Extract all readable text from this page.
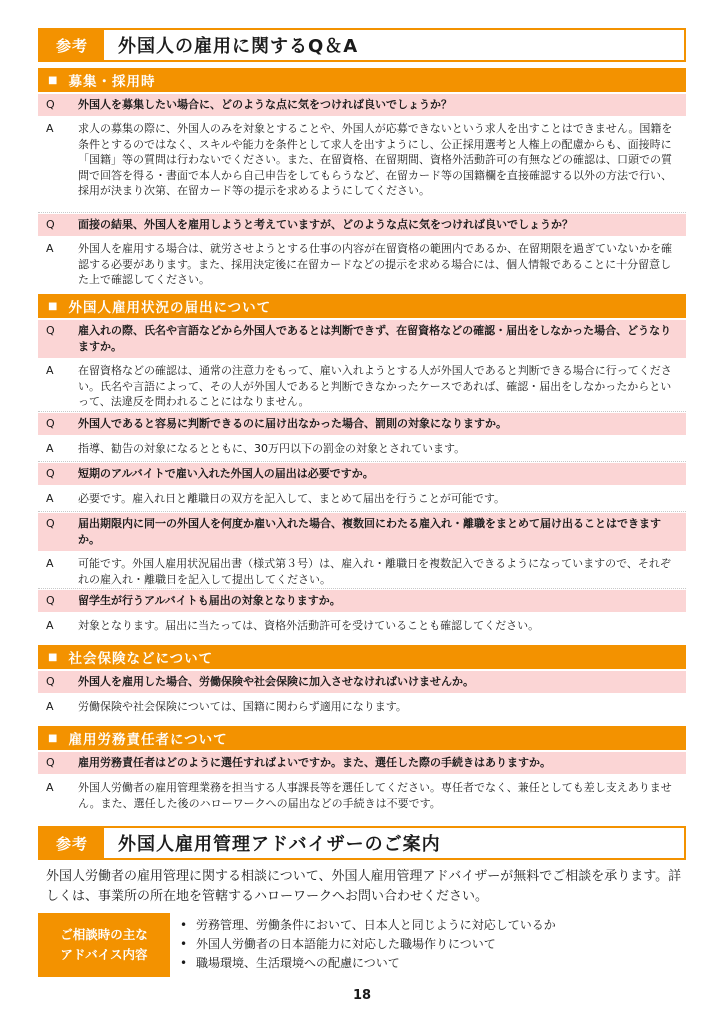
参考	外国人の雇用に関するQ＆A
■ 募集・採用時
Q	外国人を募集したい場合に、どのような点に気をつければ良いでしょうか？
A	求人の募集の際に、外国人のみを対象とすることや、外国人が応募できないという求人を出すことはできません。国籍を条件とするのではなく、スキルや能力を条件として求人を出すようにし、公正採用選考と人権上の配慮からも、面接時に「国籍」等の質問は行わないでください。また、在留資格、在留期間、資格外活動許可の有無などの確認は、口頭での質問で回答を得る・書面で本人から自己申告をしてもらうなど、在留カード等の国籍欄を直接確認する以外の方法で行い、採用が決まり次第、在留カード等の提示を求めるようにしてください。
Q	面接の結果、外国人を雇用しようと考えていますが、どのような点に気をつければ良いでしょうか？
A	外国人を雇用する場合は、就労させようとする仕事の内容が在留資格の範囲内であるか、在留期限を過ぎていないかを確認する必要があります。また、採用決定後に在留カードなどの提示を求める場合には、個人情報であることに十分留意した上で確認してください。
■ 外国人雇用状況の届出について
Q	雇入れの際、氏名や言語などから外国人であるとは判断できず、在留資格などの確認・届出をしなかった場合、どうなりますか。
A	在留資格などの確認は、通常の注意力をもって、雇い入れようとする人が外国人であると判断できる場合に行ってください。氏名や言語によって、その人が外国人であると判断できなかったケースであれば、確認・届出をしなかったからといって、法違反を問われることにはなりません。
Q	外国人であると容易に判断できるのに届け出なかった場合、罰則の対象になりますか。
A	指導、勧告の対象になるとともに、30万円以下の罰金の対象とされています。
Q	短期のアルバイトで雇い入れた外国人の届出は必要ですか。
A	必要です。雇入れ日と離職日の双方を記入して、まとめて届出を行うことが可能です。
Q	届出期限内に同一の外国人を何度か雇い入れた場合、複数回にわたる雇入れ・離職をまとめて届け出ることはできますか。
A	可能です。外国人雇用状況届出書（様式第３号）は、雇入れ・離職日を複数記入できるようになっていますので、それぞれの雇入れ・離職日を記入して提出してください。
Q	留学生が行うアルバイトも届出の対象となりますか。
A	対象となります。届出に当たっては、資格外活動許可を受けていることも確認してください。
■ 社会保険などについて
Q	外国人を雇用した場合、労働保険や社会保険に加入させなければいけませんか。
A	労働保険や社会保険については、国籍に関わらず適用になります。
■ 雇用労務責任者について
Q	雇用労務責任者はどのように選任すればよいですか。また、選任した際の手続きはありますか。
A	外国人労働者の雇用管理業務を担当する人事課長等を選任してください。専任者でなく、兼任としても差し支えありません。また、選任した後のハローワークへの届出などの手続きは不要です。
参考	外国人雇用管理アドバイザーのご案内
外国人労働者の雇用管理に関する相談について、外国人雇用管理アドバイザーが無料でご相談を承ります。詳しくは、事業所の所在地を管轄するハローワークへお問い合わせください。
ご相談時の主な
アドバイス内容
• 労務管理、労働条件において、日本人と同じように対応しているか
• 外国人労働者の日本語能力に対応した職場作りについて
• 職場環境、生活環境への配慮について
18
